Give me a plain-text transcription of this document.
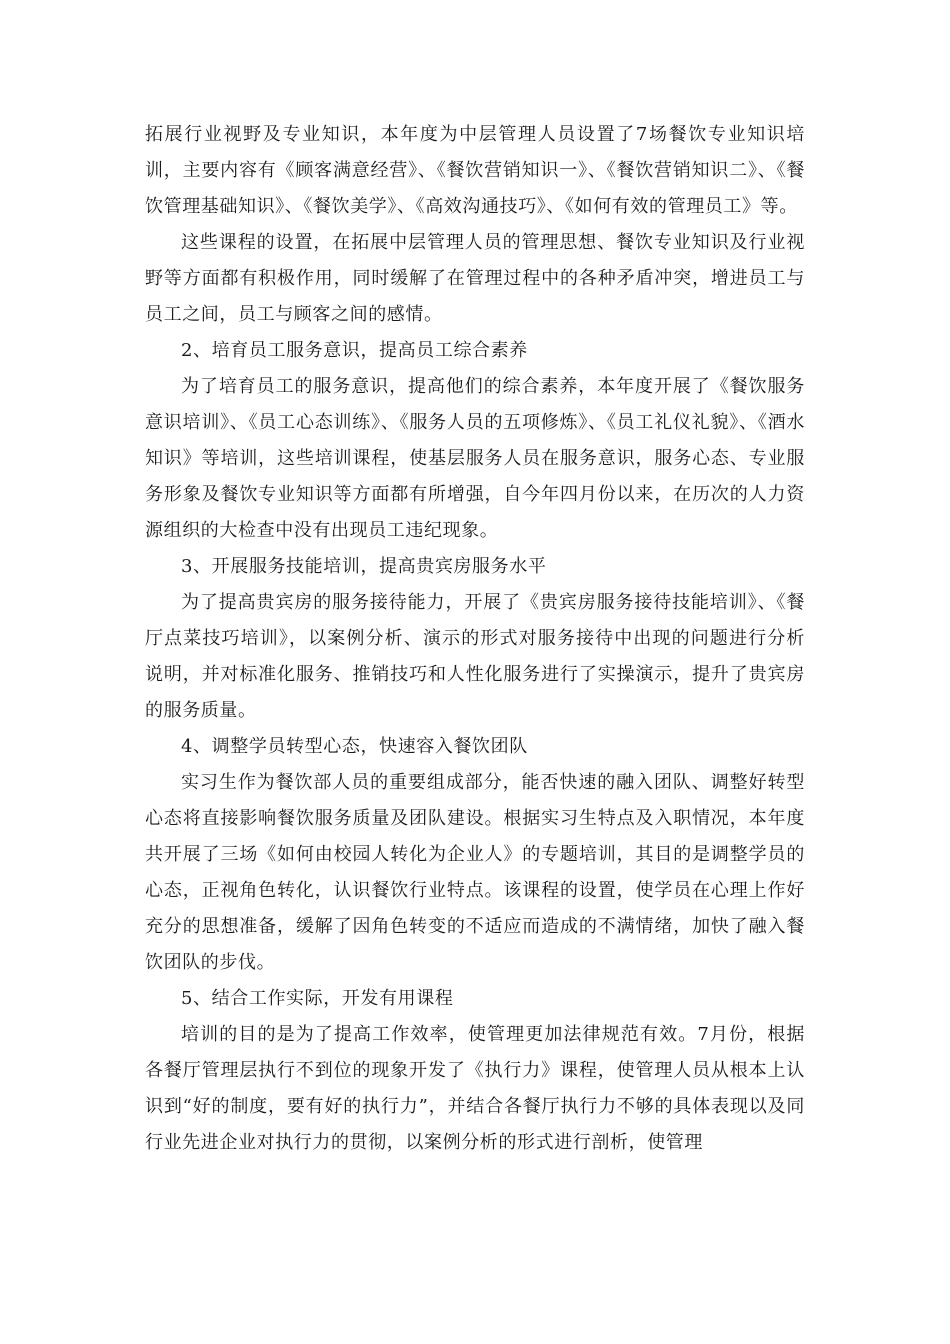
拓展行业视野及专业知识，本年度为中层管理人员设置了7场餐饮专业知识培训，主要内容有《顾客满意经营》、《餐饮营销知识一》、《餐饮营销知识二》、《餐饮管理基础知识》、《餐饮美学》、《高效沟通技巧》、《如何有效的管理员工》等。

这些课程的设置，在拓展中层管理人员的管理思想、餐饮专业知识及行业视野等方面都有积极作用，同时缓解了在管理过程中的各种矛盾冲突，增进员工与员工之间，员工与顾客之间的感情。

2、培育员工服务意识，提高员工综合素养

为了培育员工的服务意识，提高他们的综合素养，本年度开展了《餐饮服务意识培训》、《员工心态训练》、《服务人员的五项修炼》、《员工礼仪礼貌》、《酒水知识》等培训，这些培训课程，使基层服务人员在服务意识，服务心态、专业服务形象及餐饮专业知识等方面都有所增强，自今年四月份以来，在历次的人力资源组织的大检查中没有出现员工违纪现象。

3、开展服务技能培训，提高贵宾房服务水平

为了提高贵宾房的服务接待能力，开展了《贵宾房服务接待技能培训》、《餐厅点菜技巧培训》，以案例分析、演示的形式对服务接待中出现的问题进行分析说明，并对标准化服务、推销技巧和人性化服务进行了实操演示，提升了贵宾房的服务质量。

4、调整学员转型心态，快速容入餐饮团队

实习生作为餐饮部人员的重要组成部分，能否快速的融入团队、调整好转型心态将直接影响餐饮服务质量及团队建设。根据实习生特点及入职情况，本年度共开展了三场《如何由校园人转化为企业人》的专题培训，其目的是调整学员的心态，正视角色转化，认识餐饮行业特点。该课程的设置，使学员在心理上作好充分的思想准备，缓解了因角色转变的不适应而造成的不满情绪，加快了融入餐饮团队的步伐。

5、结合工作实际，开发有用课程

培训的目的是为了提高工作效率，使管理更加法律规范有效。7月份，根据各餐厅管理层执行不到位的现象开发了《执行力》课程，使管理人员从根本上认识到“好的制度，要有好的执行力”，并结合各餐厅执行力不够的具体表现以及同行业先进企业对执行力的贯彻，以案例分析的形式进行剖析，使管理
